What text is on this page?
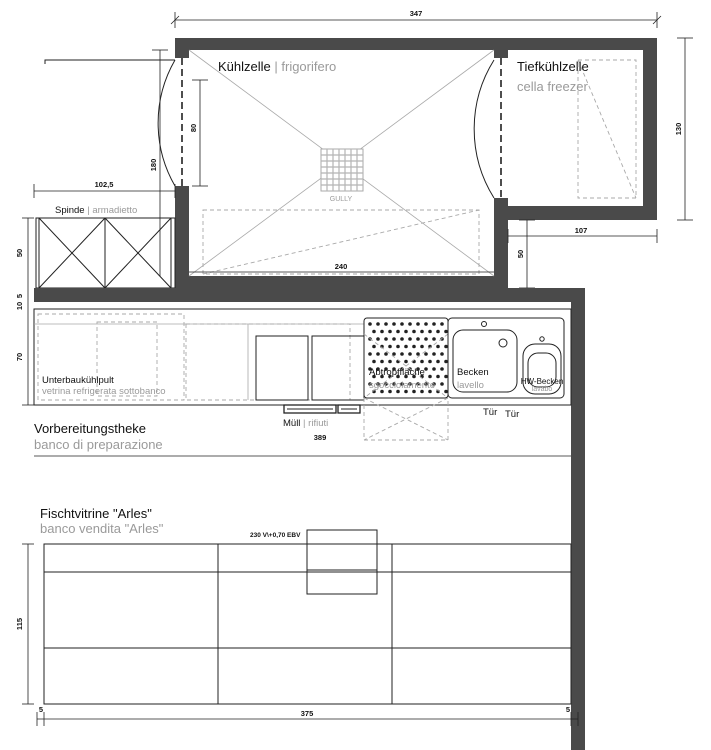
347
GULLY
Kühlzelle | frigorifero	Tiefkühlzelle
cella freezer
80
180
102,5
130
107
50
240
Spinde | armadietto
50
5
10
Abtropffläche
sgocciolamento
Becken
lavello	HW-Becken
lavabo
Tür Tür
Müll | rifiuti
Unterbaukühlpult
vetrina refrigerata sottobanco
70
389
Vorbereitungstheke
banco di preparazione
Fischtvitrine "Arles"
banco vendita "Arles"	230 V\+0,70 EBV
115
375
5	5
